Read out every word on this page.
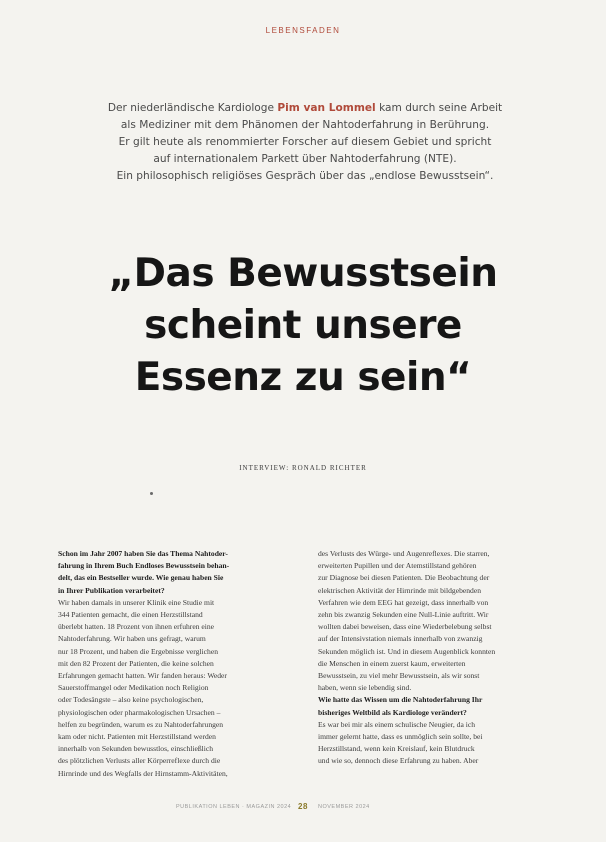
LEBENSFADEN
Der niederländische Kardiologe Pim van Lommel kam durch seine Arbeit
als Mediziner mit dem Phänomen der Nahtoderfahrung in Berührung.
Er gilt heute als renommierter Forscher auf diesem Gebiet und spricht
auf internationalem Parkett über Nahtoderfahrung (NTE).
Ein philosophisch religiöses Gespräch über das „endlose Bewusstsein“.
„Das Bewusstsein
scheint unsere
Essenz zu sein“
INTERVIEW: RONALD RICHTER
Schon im Jahr 2007 haben Sie das Thema Nahtoder-
fahrung in Ihrem Buch Endloses Bewusstsein behan-
delt, das ein Bestseller wurde. Wie genau haben Sie
in Ihrer Publikation verarbeitet?
Wir haben damals in unserer Klinik eine Studie mit
344 Patienten gemacht, die einen Herzstillstand
überlebt hatten. 18 Prozent von ihnen erfuhren eine
Nahtoderfahrung. Wir haben uns gefragt, warum
nur 18 Prozent, und haben die Ergebnisse verglichen
mit den 82 Prozent der Patienten, die keine solchen
Erfahrungen gemacht hatten. Wir fanden heraus: Weder
Sauerstoffmangel oder Medikation noch Religion
oder Todesängste – also keine psychologischen,
physiologischen oder pharmakologischen Ursachen –
helfen zu begründen, warum es zu Nahtoderfahrungen
kam oder nicht. Patienten mit Herzstillstand werden
innerhalb von Sekunden bewusstlos, einschließlich
des plötzlichen Verlusts aller Körperreflexe durch die
Hirnrinde und des Wegfalls der Hirnstamm-Aktivitäten,
des Verlusts des Würge- und Augenreflexes. Die starren,
erweiterten Pupillen und der Atemstillstand gehören
zur Diagnose bei diesen Patienten. Die Beobachtung der
elektrischen Aktivität der Hirnrinde mit bildgebenden
Verfahren wie dem EEG hat gezeigt, dass innerhalb von
zehn bis zwanzig Sekunden eine Null-Linie auftritt. Wir
wollten dabei beweisen, dass eine Wiederbelebung selbst
auf der Intensivstation niemals innerhalb von zwanzig
Sekunden möglich ist. Und in diesem Augenblick konnten
die Menschen in einem zuerst kaum, erweiterten
Bewusstsein, zu viel mehr Bewusstsein, als wir sonst
haben, wenn sie lebendig sind.
Wie hatte das Wissen um die Nahtoderfahrung Ihr
bisheriges Weltbild als Kardiologe verändert?
Es war bei mir als einem schulische Neugier, da ich
immer gelernt hatte, dass es unmöglich sein sollte, bei
Herzstillstand, wenn kein Kreislauf, kein Blutdruck
und wie so, dennoch diese Erfahrung zu haben. Aber
PUBLIKATION LEBEN · MAGAZIN 2024 28 NOVEMBER 2024
